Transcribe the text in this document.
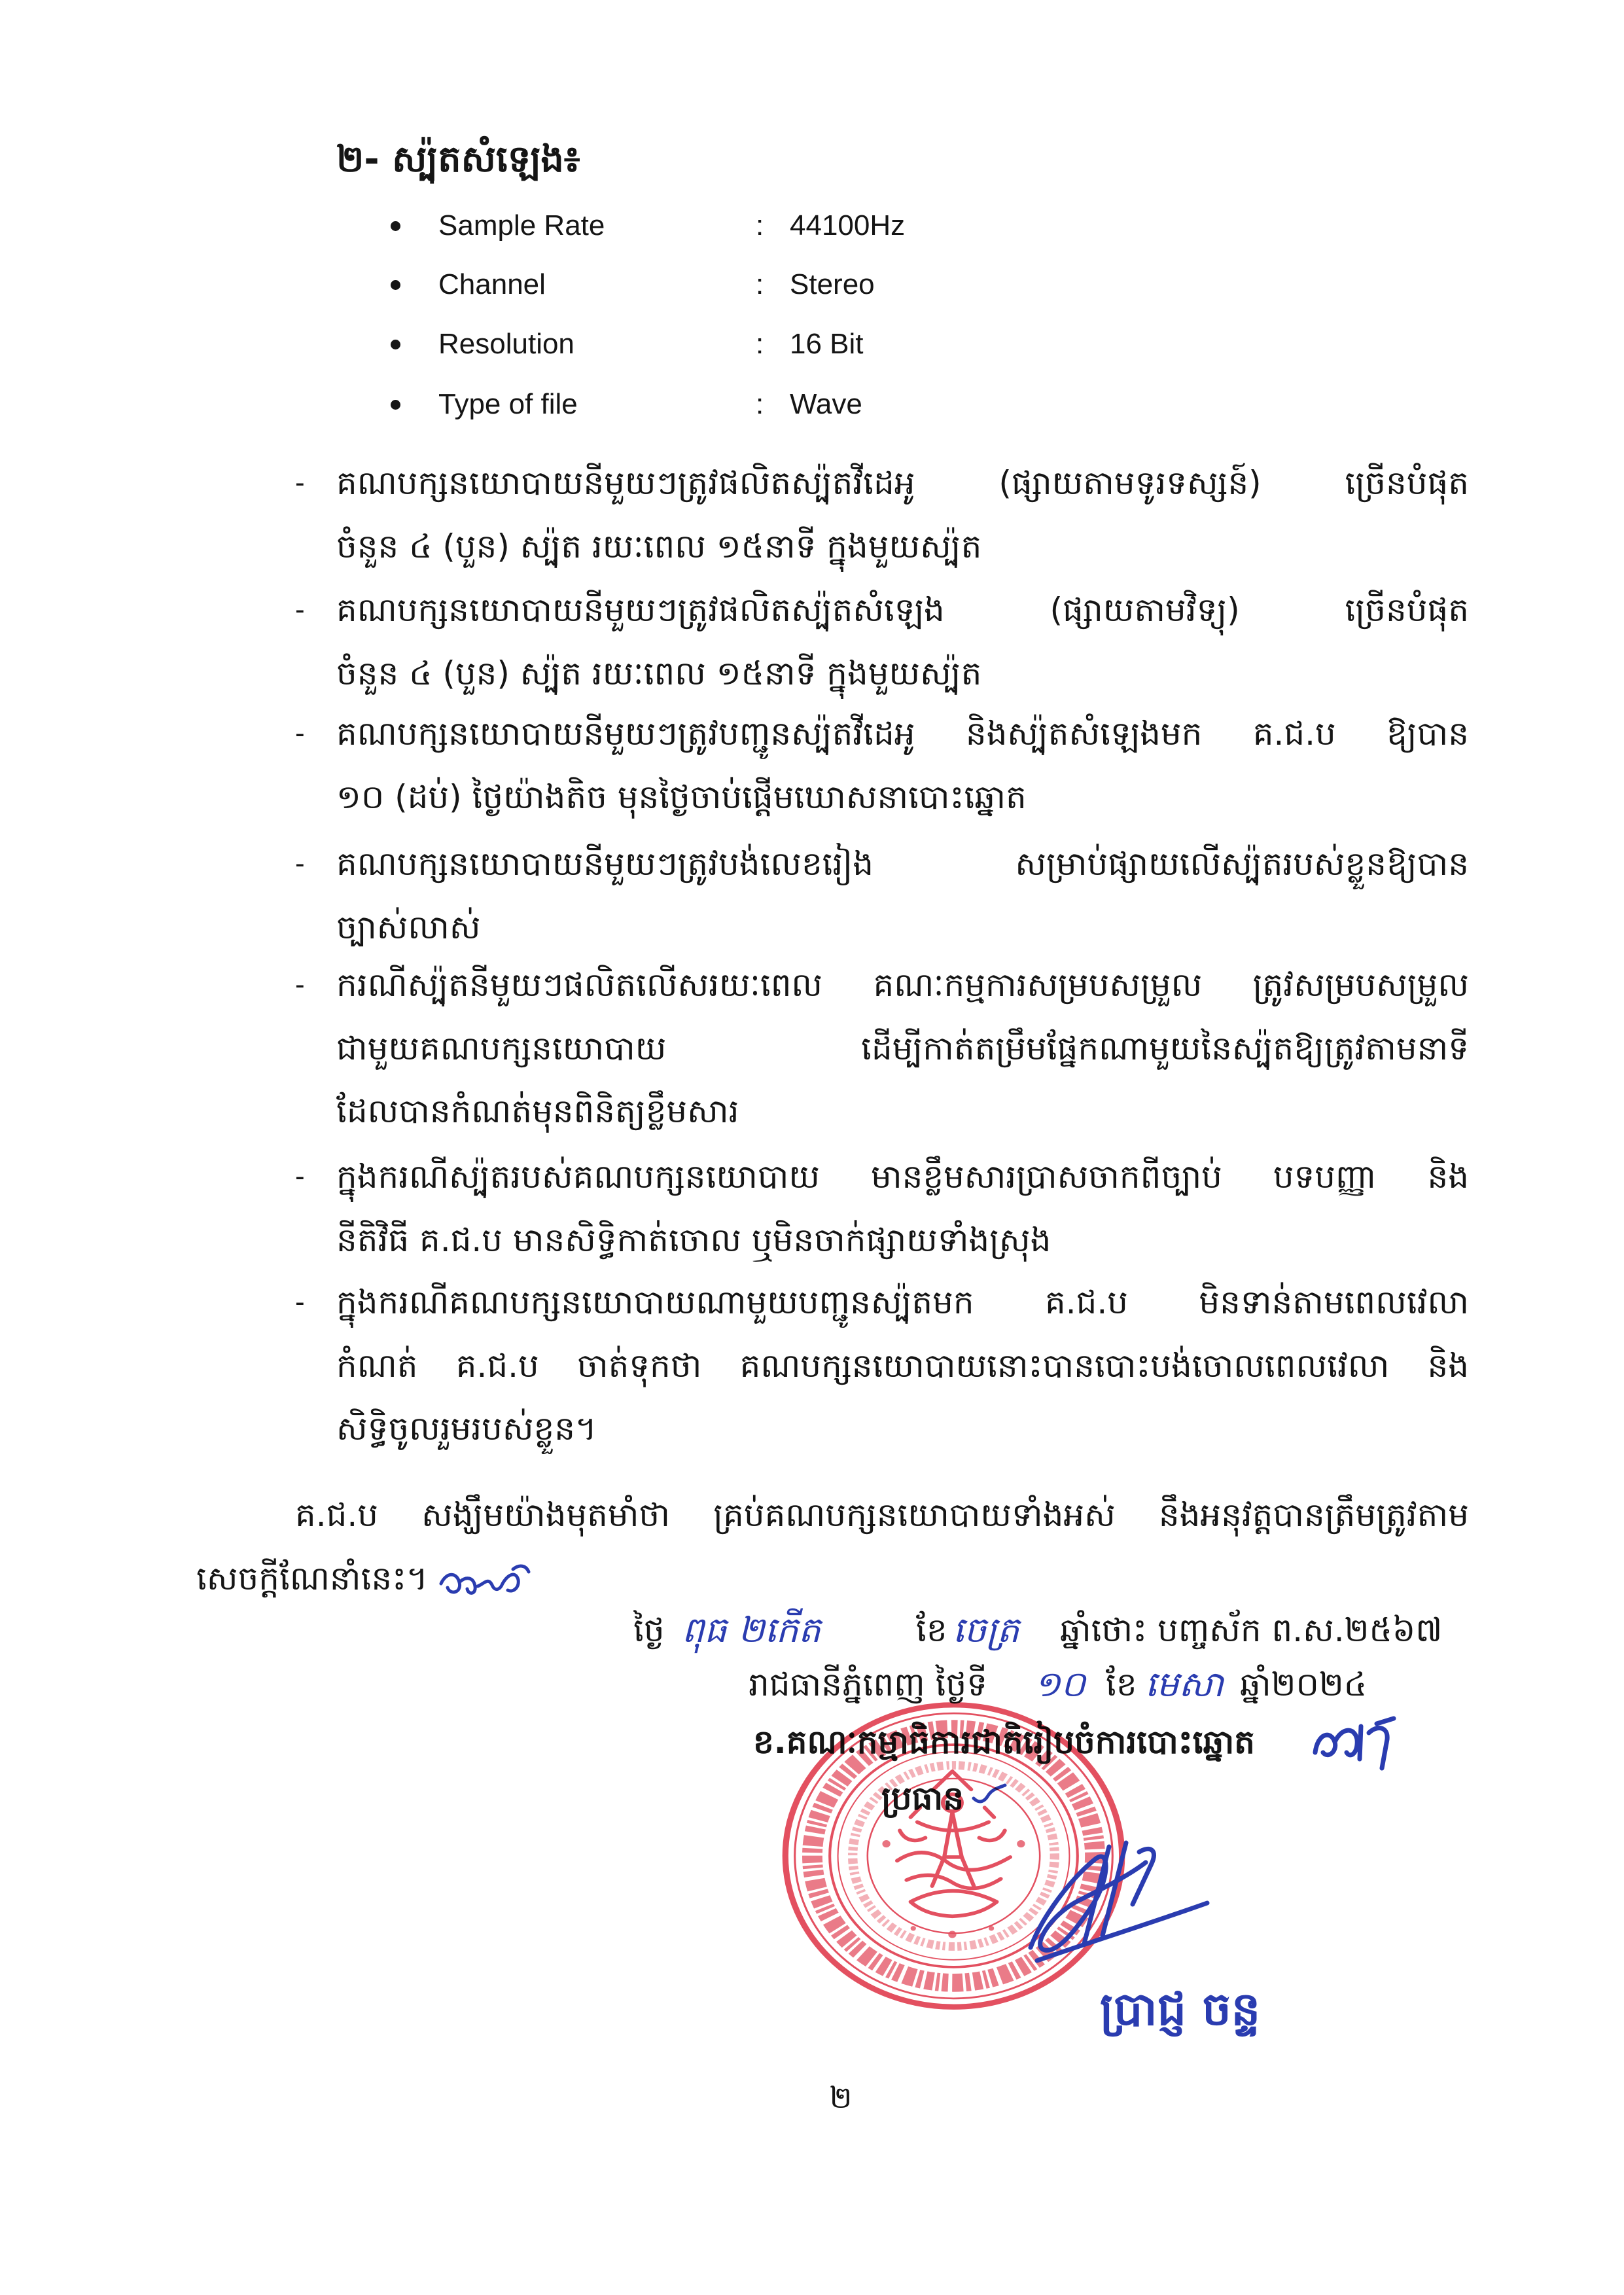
២- ស្ប៉ុតសំឡេង៖
Sample Rate	: 44100Hz
Channel	: Stereo
Resolution	: 16 Bit
Type of file	: Wave
- គណបក្សនយោបាយនីមួយៗត្រូវផលិតស្ប៉ុតវីដេអូ (ផ្សាយតាមទូរទស្សន៍) ច្រើនបំផុត
ចំនួន ៤ (បួន) ស្ប៉ុត រយៈពេល ១៥នាទី ក្នុងមួយស្ប៉ុត
- គណបក្សនយោបាយនីមួយៗត្រូវផលិតស្ប៉ុតសំឡេង (ផ្សាយតាមវិទ្យុ) ច្រើនបំផុត
ចំនួន ៤ (បួន) ស្ប៉ុត រយៈពេល ១៥នាទី ក្នុងមួយស្ប៉ុត
- គណបក្សនយោបាយនីមួយៗត្រូវបញ្ជូនស្ប៉ុតវីដេអូ និងស្ប៉ុតសំឡេងមក គ.ជ.ប ឱ្យបាន
១០ (ដប់) ថ្ងៃយ៉ាងតិច មុនថ្ងៃចាប់ផ្ដើមឃោសនាបោះឆ្នោត
- គណបក្សនយោបាយនីមួយៗត្រូវបង់លេខរៀង សម្រាប់ផ្សាយលើស្ប៉ុតរបស់ខ្លួនឱ្យបាន
ច្បាស់លាស់
- ករណីស្ប៉ុតនីមួយៗផលិតលើសរយៈពេល គណៈកម្មការសម្របសម្រួល ត្រូវសម្របសម្រួល
ជាមួយគណបក្សនយោបាយ ដើម្បីកាត់តម្រឹមផ្នែកណាមួយនៃស្ប៉ុតឱ្យត្រូវតាមនាទី
ដែលបានកំណត់មុនពិនិត្យខ្លឹមសារ
- ក្នុងករណីស្ប៉ុតរបស់គណបក្សនយោបាយ មានខ្លឹមសារប្រាសចាកពីច្បាប់ បទបញ្ញា និង
នីតិវិធី គ.ជ.ប មានសិទ្ធិកាត់ចោល ឬមិនចាក់ផ្សាយទាំងស្រុង
- ក្នុងករណីគណបក្សនយោបាយណាមួយបញ្ជូនស្ប៉ុតមក គ.ជ.ប មិនទាន់តាមពេលវេលា
កំណត់ គ.ជ.ប ចាត់ទុកថា គណបក្សនយោបាយនោះបានបោះបង់ចោលពេលវេលា និង
សិទ្ធិចូលរួមរបស់ខ្លួន។
គ.ជ.ប សង្ឃឹមយ៉ាងមុតមាំថា គ្រប់គណបក្សនយោបាយទាំងអស់ នឹងអនុវត្តបានត្រឹមត្រូវតាម
សេចក្ដីណែនាំនេះ។
ថ្ងៃ ពុធ ២កើត	ខែ ចេត្រ	ឆ្នាំថោះ បញ្ចស័ក ព.ស.២៥៦៧
រាជធានីភ្នំពេញ ថ្ងៃទី	១០ ខែ មេសា ឆ្នាំ២០២៤
ខ.គណៈកម្មាធិការជាតិរៀបចំការបោះឆ្នោត
ប្រធាន
ប្រាជ្ញ ចន្ទ
២
